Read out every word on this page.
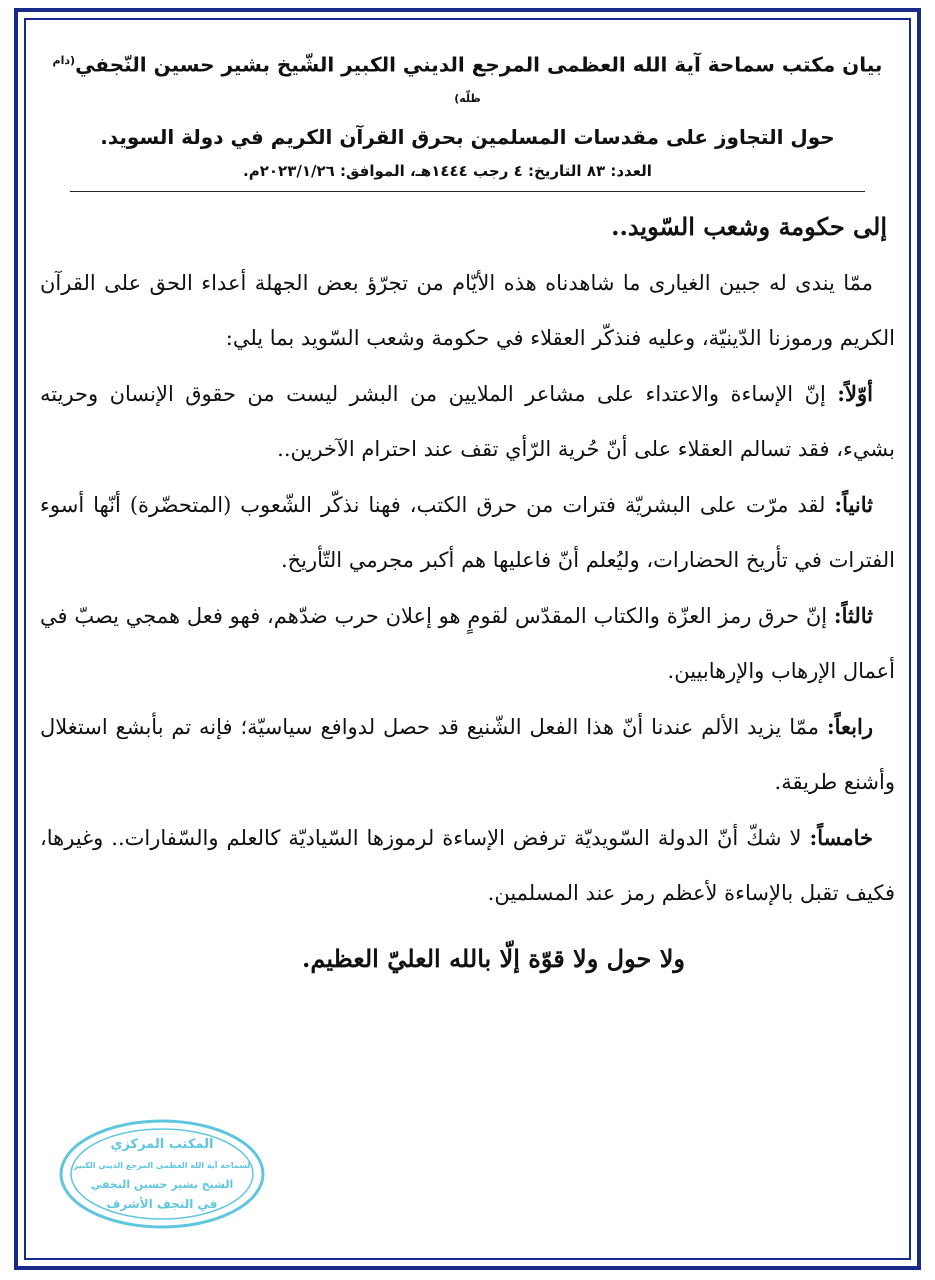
بيان مكتب سماحة آية الله العظمى المرجع الديني الكبير الشّيخ بشير حسين النّجفي$^{(دام ظلّه)}$
حول التجاوز على مقدسات المسلمين بحرق القرآن الكريم في دولة السويد.
العدد: ٨٣ التاريخ: ٤ رجب ١٤٤٤هـ، الموافق: ٢٠٢٣/١/٢٦م.
إلى حكومة وشعب السّويد..

ممّا يندى له جبين الغيارى ما شاهدناه هذه الأيّام من تجرّؤ بعض الجهلة أعداء الحق على القرآن الكريم ورموزنا الدّينيّة، وعليه فنذكّر العقلاء في حكومة وشعب السّويد بما يلي:

أوّلاً: إنّ الإساءة والاعتداء على مشاعر الملايين من البشر ليست من حقوق الإنسان وحريته بشيء، فقد تسالم العقلاء على أنّ حُرية الرّأي تقف عند احترام الآخرين..

ثانياً: لقد مرّت على البشريّة فترات من حرق الكتب، فهنا نذكّر الشّعوب (المتحضّرة) أنّها أسوء الفترات في تأريخ الحضارات، وليُعلم أنّ فاعليها هم أكبر مجرمي التّأريخ.

ثالثاً: إنّ حرق رمز العزّة والكتاب المقدّس لقومٍ هو إعلان حرب ضدّهم، فهو فعل همجي يصبّ في أعمال الإرهاب والإرهابيين.

رابعاً: ممّا يزيد الألم عندنا أنّ هذا الفعل الشّنيع قد حصل لدوافع سياسيّة؛ فإنه تم بأبشع استغلال وأشنع طريقة.

خامساً: لا شكّ أنّ الدولة السّويديّة ترفض الإساءة لرموزها السّياديّة كالعلم والسّفارات.. وغيرها، فكيف تقبل بالإساءة لأعظم رمز عند المسلمين.

ولا حول ولا قوّة إلّا بالله العليّ العظيم.
المكتب المركزي
لسماحة آية الله العظمى المرجع الديني الكبير
الشيخ بشير حسين النجفي
في النجف الأشرف
